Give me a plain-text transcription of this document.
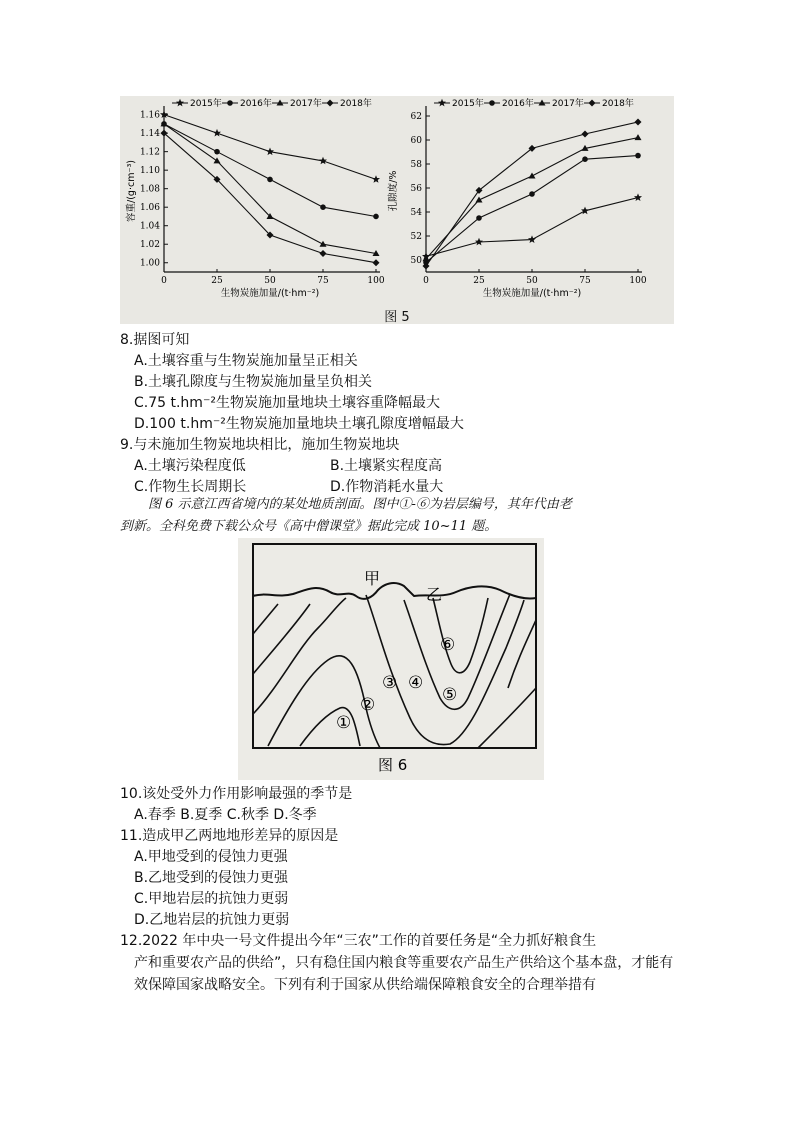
1.00
1.02
1.04
1.06
1.08
1.10
1.12
1.14
1.16
0	25	50	75	100
生物炭施加量/(t·hm⁻²)
容重/(g·cm⁻³)
2015年 2016年 2017年 2018年
50
52
54
56
58
60
62
0	25	50	75	100
生物炭施加量/(t·hm⁻²)
孔隙度/%
2015年 2016年 2017年 2018年
图 5
8.据图可知
A.土壤容重与生物炭施加量呈正相关
B.土壤孔隙度与生物炭施加量呈负相关
C.75 t.hm⁻²生物炭施加量地块土壤容重降幅最大
D.100 t.hm⁻²生物炭施加量地块土壤孔隙度增幅最大
9.与未施加生物炭地块相比，施加生物炭地块
A.土壤污染程度低	B.土壤紧实程度高
C.作物生长周期长	D.作物消耗水量大
图 6 示意江西省境内的某处地质剖面。图中①-⑥为岩层编号，其年代由老
到新。全科免费下载公众号《高中僧课堂》据此完成 10~11 题。
甲
乙
①
②
③ ④
⑤
⑥
图 6
10.该处受外力作用影响最强的季节是
A.春季 B.夏季 C.秋季 D.冬季
11.造成甲乙两地地形差异的原因是
A.甲地受到的侵蚀力更强
B.乙地受到的侵蚀力更强
C.甲地岩层的抗蚀力更弱
D.乙地岩层的抗蚀力更弱
12.2022 年中央一号文件提出今年“三农”工作的首要任务是“全力抓好粮食生
产和重要农产品的供给”，只有稳住国内粮食等重要农产品生产供给这个基本盘，才能有效保障国家战略安全。下列有利于国家从供给端保障粮食安全的合理举措有
